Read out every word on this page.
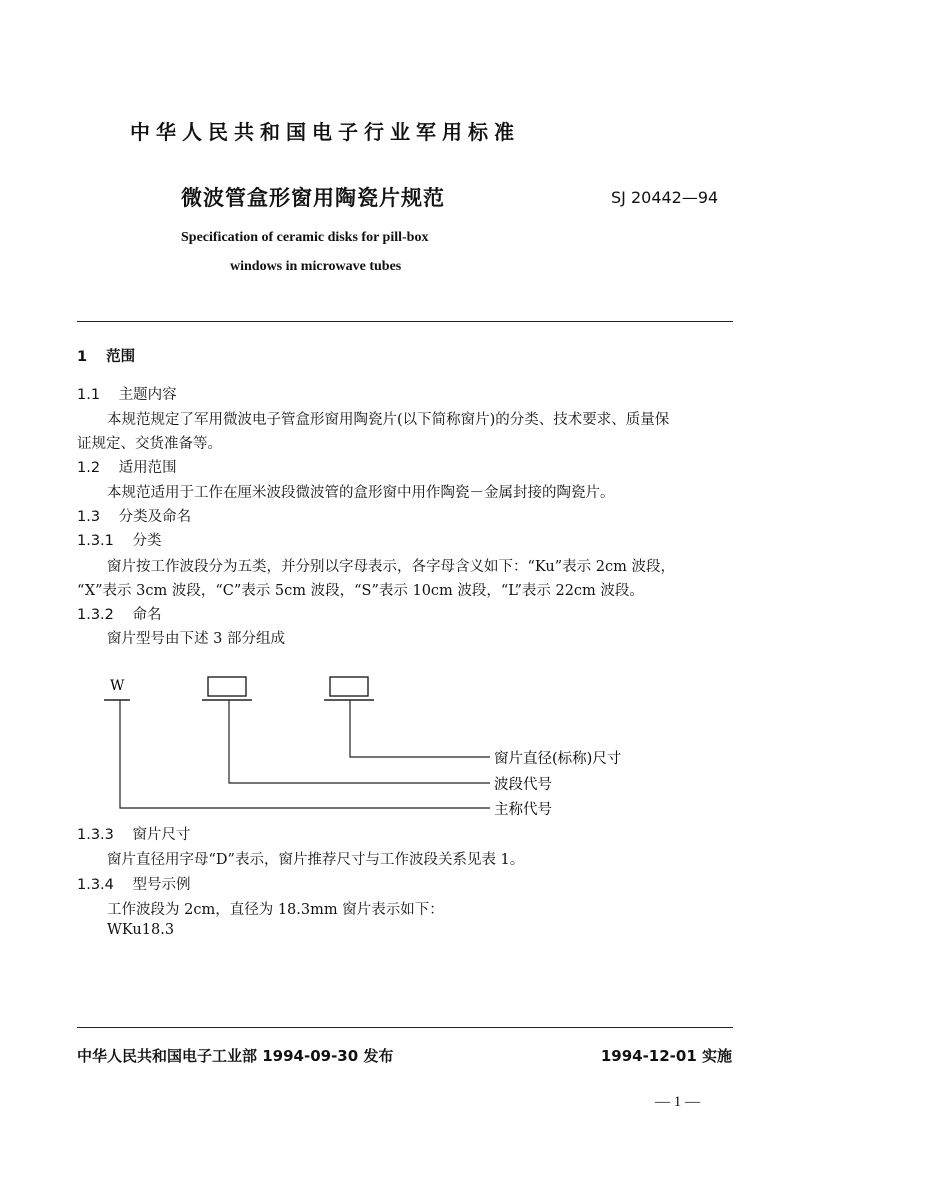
中华人民共和国电子行业军用标准
微波管盒形窗用陶瓷片规范	SJ 20442—94
Specification of ceramic disks for pill-box
windows in microwave tubes
1 范围
1.1 主题内容
本规范规定了军用微波电子管盒形窗用陶瓷片(以下简称窗片)的分类、技术要求、质量保
证规定、交货准备等。
1.2 适用范围
本规范适用于工作在厘米波段微波管的盒形窗中用作陶瓷－金属封接的陶瓷片。
1.3 分类及命名
1.3.1 分类
窗片按工作波段分为五类，并分别以字母表示，各字母含义如下：“Ku”表示 2cm 波段，
“X”表示 3cm 波段，“C”表示 5cm 波段，“S”表示 10cm 波段，“L”表示 22cm 波段。
1.3.2 命名
窗片型号由下述 3 部分组成
W
窗片直径(标称)尺寸
波段代号
主称代号
1.3.3 窗片尺寸
窗片直径用字母“D”表示，窗片推荐尺寸与工作波段关系见表 1。
1.3.4 型号示例
工作波段为 2cm，直径为 18.3mm 窗片表示如下：
WKu18.3
中华人民共和国电子工业部 1994-09-30 发布	1994-12-01 实施
— 1 —
